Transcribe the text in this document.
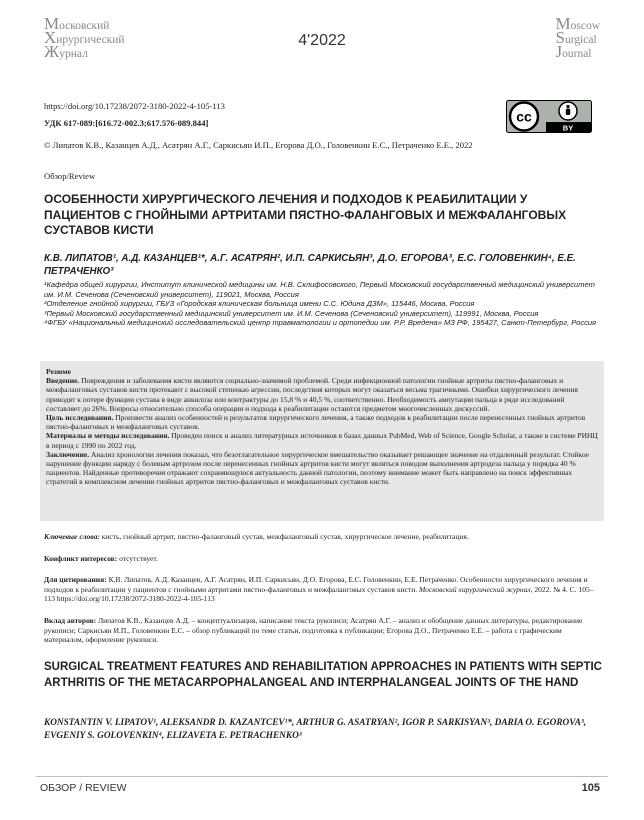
Московский
Хирургический
Журнал
4'2022
Moscow
Surgical
Journal
https://doi.org/10.17238/2072-3180-2022-4-105-113
УДК 617-089:[616.72-002.3;617.576-089.844]
© Липатов К.В., Казанцев А.Д., Асатрян А.Г., Саркисьян И.П., Егорова Д.О., Головенкин Е.С., Петраченко Е.Е., 2022
Обзор/Review
cc
BY
ОСОБЕННОСТИ ХИРУРГИЧЕСКОГО ЛЕЧЕНИЯ И ПОДХОДОВ К РЕАБИЛИТАЦИИ У ПАЦИЕНТОВ С ГНОЙНЫМИ АРТРИТАМИ ПЯСТНО-ФАЛАНГОВЫХ И МЕЖФАЛАНГОВЫХ СУСТАВОВ КИСТИ
К.В. ЛИПАТОВ¹, А.Д. КАЗАНЦЕВ¹*, А.Г. АСАТРЯН², И.П. САРКИСЬЯН³, Д.О. ЕГОРОВА³, Е.С. ГОЛОВЕНКИН⁴, Е.Е. ПЕТРАЧЕНКО³
¹Кафедра общей хирургии, Институт клинической медицины им. Н.В. Склифосовского, Первый Московский государственный медицинский университет им. И.М. Сеченова (Сеченовский университет), 119021, Москва, Россия
²Отделение гнойной хирургии, ГБУЗ «Городская клиническая больница имени С.С. Юдина ДЗМ», 115446, Москва, Россия
³Первый Московский государственный медицинский университет им. И.М. Сеченова (Сеченовский университет), 119991, Москва, Россия
⁴ФГБУ «Национальный медицинский исследовательский центр травматологии и ортопедии им. Р.Р. Вредена» МЗ РФ, 195427, Санкт-Петербург, Россия

Резюме

Введение. Повреждения и заболевания кисти являются социально-значимой проблемой. Среди инфекционной патологии гнойные артриты пястно-фаланговых и межфаланговых суставов кисти протекают с высокой степенью агрессии, последствия которых могут оказаться весьма трагичными. Ошибки хирургического лечения приводят к потере функции сустава в виде анкилоза или контрактуры до 15,8 % и 40,5 %, соответственно. Необходимость ампутации пальца в ряде исследований составляет до 26%. Вопросы относительно способа операции и подхода к реабилитации остаются предметом многочисленных дискуссий.

Цель исследования. Произвести анализ особенностей и результатов хирургического лечения, а также подходов к реабилитации после перенесенных гнойных артритов пястно-фаланговых и межфаланговых суставов.

Материалы и методы исследования. Проведен поиск и анализ литературных источников в базах данных PubMed, Web of Science, Google Scholar, а также в системе РИНЦ в период с 1990 по 2022 год.

Заключение. Анализ хронологии лечения показал, что безотлагательное хирургическое вмешательство оказывает решающее значение на отдаленный результат. Стойкое нарушение функции наряду с болевым артрозом после перенесенных гнойных артритов кисти могут являться поводом выполнения артродеза пальца у порядка 40 % пациентов. Найденные противоречия отражают сохраняющуюся актуальность данной патологии, поэтому внимание может быть направлено на поиск эффективных стратегий в комплексном лечении гнойных артритов пястно-фаланговых и межфаланговых суставов кисти.

Ключевые слова: кисть, гнойный артрит, пястно-фаланговый сустав, межфаланговый сустав, хирургическое лечение, реабилитация.
Конфликт интересов: отсутствует.
Для цитирования: К.В. Липатов, А.Д. Казанцев, А.Г. Асатрян, И.П. Саркисьян, Д.О. Егорова, Е.С. Головенкин, Е.Е. Петраченко. Особенности хирургического лечения и подходов к реабилитации у пациентов с гнойными артритами пястно-фаланговых и межфаланговых суставов кисти. Московский хирургический журнал, 2022. № 4. С. 105–113 https://doi.org/10.17238/2072-3180-2022-4-105-113
Вклад авторов: Липатов К.В., Казанцев А.Д. – концептуализация, написание текста рукописи; Асатрян А.Г. – анализ и обобщение данных литературы, редактирование рукописи; Саркисьян И.П., Головенкин Е.С. – обзор публикаций по теме статьи, подготовка к публикации; Егорова Д.О., Петраченко Е.Е. – работа с графическим материалом, оформление рукописи.
SURGICAL TREATMENT FEATURES AND REHABILITATION APPROACHES IN PATIENTS WITH SEPTIC ARTHRITIS OF THE METACARPOPHALANGEAL AND INTERPHALANGEAL JOINTS OF THE HAND
KONSTANTIN V. LIPATOV¹, ALEKSANDR D. KAZANTCEV¹*, ARTHUR G. ASATRYAN², IGOR P. SARKISYAN³, DARIA O. EGOROVA³, EVGENIY S. GOLOVENKIN⁴, ELIZAVETA E. PETRACHENKO³
ОБЗОР / REVIEW	105
